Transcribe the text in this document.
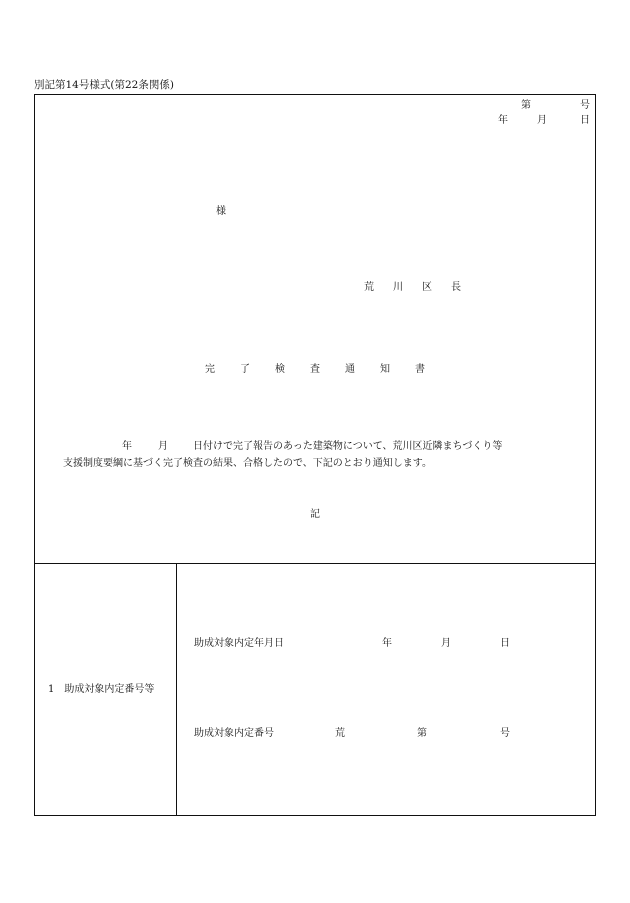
別記第14号様式(第22条関係)
第	号
年	月	日
様
荒 川 区 長
完	了	検	査	通	知	書
年	月	日付けで完了報告のあった建築物について、荒川区近隣まちづくり等
支援制度要綱に基づく完了検査の結果、合格したので、下記のとおり通知します。
記
1　助成対象内定番号等
助成対象内定年月日	年	月	日
助成対象内定番号	荒	第	号
